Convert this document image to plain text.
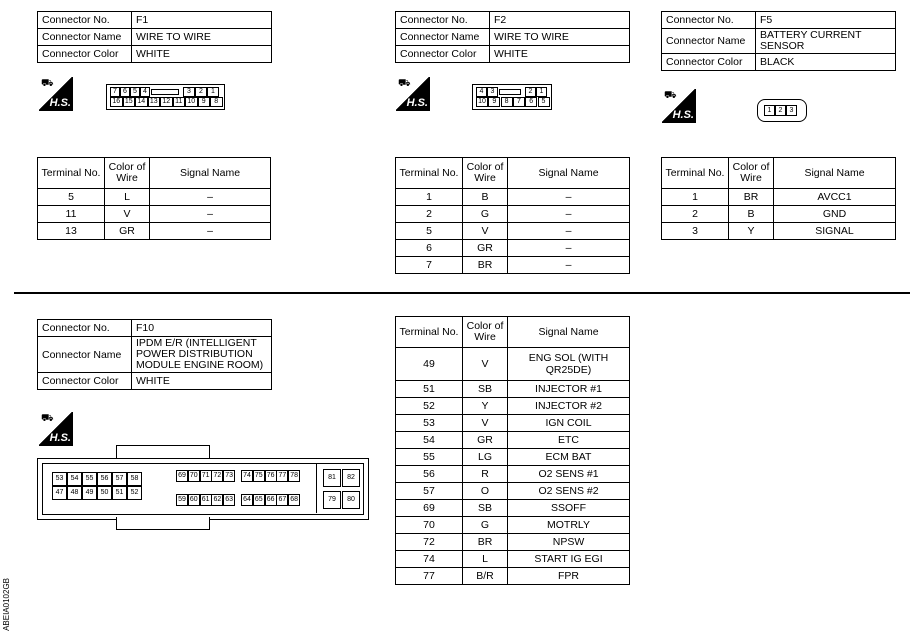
Connector No.	F1
Connector Name	WIRE TO WIRE
Connector Color	WHITE
⛟
H.S.
7 6 5 4	3	2	1
16 15 14 13 12 11 10 9	8
Connector No.	F2
Connector Name	WIRE TO WIRE
Connector Color	WHITE
⛟
H.S.
4	3	2	1
10 9	8	7	6	5
Connector No.	F5
Connector Name	BATTERY CURRENT SENSOR
Connector Color	BLACK
⛟
H.S.	1	2	3
Terminal No.	Color of Wire	Signal Name
5	L	–
11	V	–
13	GR	–
Terminal No.	Color of Wire	Signal Name
1	B	–
2	G	–
5	V	–
6	GR	–
7	BR	–
Terminal No.	Color of Wire	Signal Name
1	BR	AVCC1
2	B	GND
3	Y	SIGNAL
Connector No.	F10
Connector Name	IPDM E/R (INTELLIGENT POWER DISTRIBUTION MODULE ENGINE ROOM)
Connector Color	WHITE
⛟
H.S.
53	54	55	56	57	58
47	48	49	50	51	52
69 70 71 72 73	74 75 76 77 78
59 60 61 62 63	64 65 66 67 68
81	82
79	80
Terminal No.	Color of Wire	Signal Name
49	V	ENG SOL (WITH QR25DE)
51	SB	INJECTOR #1
52	Y	INJECTOR #2
53	V	IGN COIL
54	GR	ETC
55	LG	ECM BAT
56	R	O2 SENS #1
57	O	O2 SENS #2
69	SB	SSOFF
70	G	MOTRLY
72	BR	NPSW
74	L	START IG EGI
77	B/R	FPR
ABEIA0102GB
